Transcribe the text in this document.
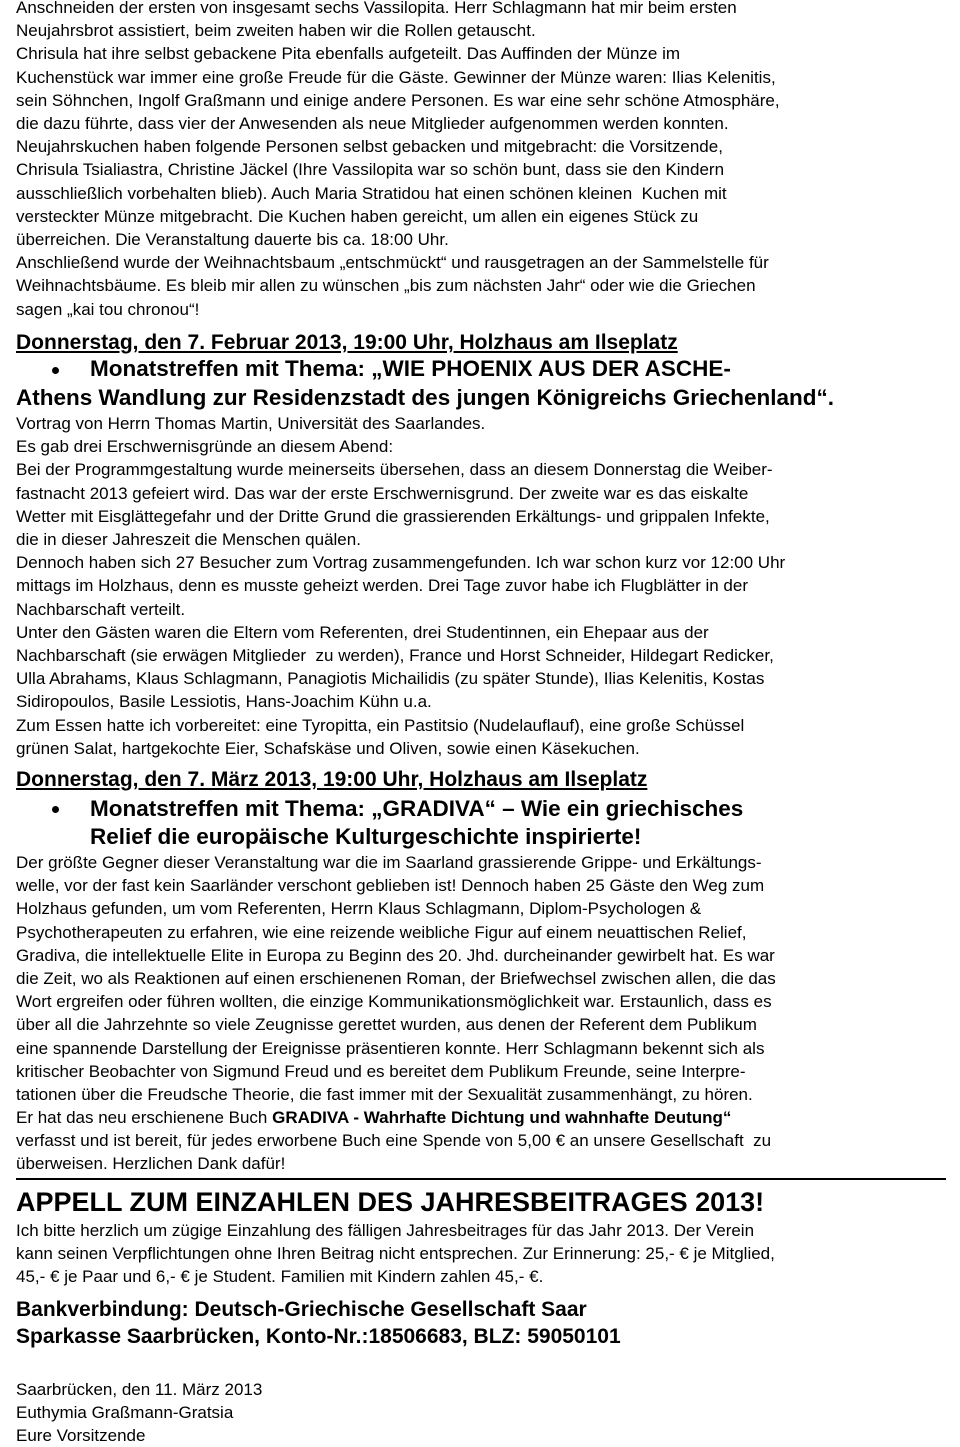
Anschneiden der ersten von insgesamt sechs Vassilopita. Herr Schlagmann hat mir beim ersten

Neujahrsbrot assistiert, beim zweiten haben wir die Rollen getauscht.

Chrisula hat ihre selbst gebackene Pita ebenfalls aufgeteilt. Das Auffinden der Münze im

Kuchenstück war immer eine große Freude für die Gäste. Gewinner der Münze waren: Ilias Kelenitis,

sein Söhnchen, Ingolf Graßmann und einige andere Personen. Es war eine sehr schöne Atmosphäre,

die dazu führte, dass vier der Anwesenden als neue Mitglieder aufgenommen werden konnten.

Neujahrskuchen haben folgende Personen selbst gebacken und mitgebracht: die Vorsitzende,

Chrisula Tsialiastra, Christine Jäckel (Ihre Vassilopita war so schön bunt, dass sie den Kindern

ausschließlich vorbehalten blieb). Auch Maria Stratidou hat einen schönen kleinen  Kuchen mit

versteckter Münze mitgebracht. Die Kuchen haben gereicht, um allen ein eigenes Stück zu

überreichen. Die Veranstaltung dauerte bis ca. 18:00 Uhr.

Anschließend wurde der Weihnachtsbaum „entschmückt“ und rausgetragen an der Sammelstelle für

Weihnachtsbäume. Es bleib mir allen zu wünschen „bis zum nächsten Jahr“ oder wie die Griechen

sagen „kai tou chronou“!

Donnerstag, den 7. Februar 2013, 19:00 Uhr, Holzhaus am Ilseplatz
Monatstreffen mit Thema: „WIE PHOENIX AUS DER ASCHE-
Athens Wandlung zur Residenzstadt des jungen Königreichs Griechenland“.

Vortrag von Herrn Thomas Martin, Universität des Saarlandes.

Es gab drei Erschwernisgründe an diesem Abend:

Bei der Programmgestaltung wurde meinerseits übersehen, dass an diesem Donnerstag die Weiber-

fastnacht 2013 gefeiert wird. Das war der erste Erschwernisgrund. Der zweite war es das eiskalte

Wetter mit Eisglättegefahr und der Dritte Grund die grassierenden Erkältungs- und grippalen Infekte,

die in dieser Jahreszeit die Menschen quälen.

Dennoch haben sich 27 Besucher zum Vortrag zusammengefunden. Ich war schon kurz vor 12:00 Uhr

mittags im Holzhaus, denn es musste geheizt werden. Drei Tage zuvor habe ich Flugblätter in der

Nachbarschaft verteilt.

Unter den Gästen waren die Eltern vom Referenten, drei Studentinnen, ein Ehepaar aus der

Nachbarschaft (sie erwägen Mitglieder  zu werden), France und Horst Schneider, Hildegart Redicker,

Ulla Abrahams, Klaus Schlagmann, Panagiotis Michailidis (zu später Stunde), Ilias Kelenitis, Kostas

Sidiropoulos, Basile Lessiotis, Hans-Joachim Kühn u.a.

Zum Essen hatte ich vorbereitet: eine Tyropitta, ein Pastitsio (Nudelauflauf), eine große Schüssel

grünen Salat, hartgekochte Eier, Schafskäse und Oliven, sowie einen Käsekuchen.

Donnerstag, den 7. März 2013, 19:00 Uhr, Holzhaus am Ilseplatz
Monatstreffen mit Thema: „GRADIVA“ – Wie ein griechisches
Relief die europäische Kulturgeschichte inspirierte!

Der größte Gegner dieser Veranstaltung war die im Saarland grassierende Grippe- und Erkältungs-

welle, vor der fast kein Saarländer verschont geblieben ist! Dennoch haben 25 Gäste den Weg zum

Holzhaus gefunden, um vom Referenten, Herrn Klaus Schlagmann, Diplom-Psychologen &

Psychotherapeuten zu erfahren, wie eine reizende weibliche Figur auf einem neuattischen Relief,

Gradiva, die intellektuelle Elite in Europa zu Beginn des 20. Jhd. durcheinander gewirbelt hat. Es war

die Zeit, wo als Reaktionen auf einen erschienenen Roman, der Briefwechsel zwischen allen, die das

Wort ergreifen oder führen wollten, die einzige Kommunikationsmöglichkeit war. Erstaunlich, dass es

über all die Jahrzehnte so viele Zeugnisse gerettet wurden, aus denen der Referent dem Publikum

eine spannende Darstellung der Ereignisse präsentieren konnte. Herr Schlagmann bekennt sich als

kritischer Beobachter von Sigmund Freud und es bereitet dem Publikum Freunde, seine Interpre-

tationen über die Freudsche Theorie, die fast immer mit der Sexualität zusammenhängt, zu hören.

Er hat das neu erschienene Buch GRADIVA - Wahrhafte Dichtung und wahnhafte Deutung“

verfasst und ist bereit, für jedes erworbene Buch eine Spende von 5,00 € an unsere Gesellschaft  zu

überweisen. Herzlichen Dank dafür!

APPELL ZUM EINZAHLEN DES JAHRESBEITRAGES 2013!

Ich bitte herzlich um zügige Einzahlung des fälligen Jahresbeitrages für das Jahr 2013. Der Verein

kann seinen Verpflichtungen ohne Ihren Beitrag nicht entsprechen. Zur Erinnerung: 25,- € je Mitglied,

45,- € je Paar und 6,- € je Student. Familien mit Kindern zahlen 45,- €.

Bankverbindung: Deutsch-Griechische Gesellschaft Saar
Sparkasse Saarbrücken, Konto-Nr.:18506683, BLZ: 59050101
Saarbrücken, den 11. März 2013
Euthymia Graßmann-Gratsia
Eure Vorsitzende
